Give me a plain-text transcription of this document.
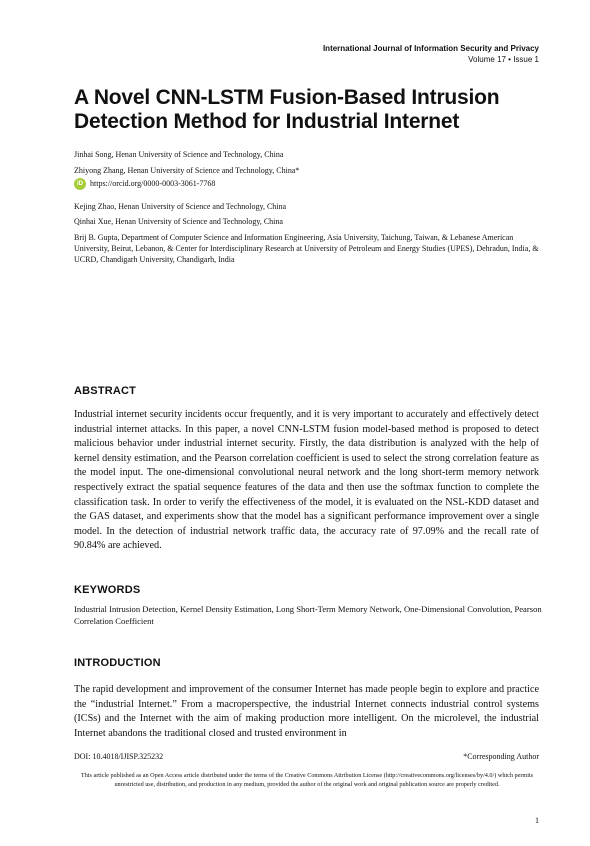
International Journal of Information Security and Privacy
Volume 17 • Issue 1
A Novel CNN-LSTM Fusion-Based Intrusion Detection Method for Industrial Internet
Jinhai Song, Henan University of Science and Technology, China
Zhiyong Zhang, Henan University of Science and Technology, China*
iD https://orcid.org/0000-0003-3061-7768
Kejing Zhao, Henan University of Science and Technology, China
Qinhai Xue, Henan University of Science and Technology, China
Brij B. Gupta, Department of Computer Science and Information Engineering, Asia University, Taichung, Taiwan, & Lebanese American University, Beirut, Lebanon, & Center for Interdisciplinary Research at University of Petroleum and Energy Studies (UPES), Dehradun, India, & UCRD, Chandigarh University, Chandigarh, India
ABSTRACT
Industrial internet security incidents occur frequently, and it is very important to accurately and effectively detect industrial internet attacks. In this paper, a novel CNN-LSTM fusion model-based method is proposed to detect malicious behavior under industrial internet security. Firstly, the data distribution is analyzed with the help of kernel density estimation, and the Pearson correlation coefficient is used to select the strong correlation feature as the model input. The one-dimensional convolutional neural network and the long short-term memory network respectively extract the spatial sequence features of the data and then use the softmax function to complete the classification task. In order to verify the effectiveness of the model, it is evaluated on the NSL-KDD dataset and the GAS dataset, and experiments show that the model has a significant performance improvement over a single model. In the detection of industrial network traffic data, the accuracy rate of 97.09% and the recall rate of 90.84% are achieved.
KEYWORDS
Industrial Intrusion Detection, Kernel Density Estimation, Long Short-Term Memory Network, One-Dimensional Convolution, Pearson Correlation Coefficient
INTRODUCTION
The rapid development and improvement of the consumer Internet has made people begin to explore and practice the “industrial Internet.” From a macroperspective, the industrial Internet connects industrial control systems (ICSs) and the Internet with the aim of making production more intelligent. On the microlevel, the industrial Internet abandons the traditional closed and trusted environment in
DOI: 10.4018/IJISP.325232	*Corresponding Author
This article published as an Open Access article distributed under the terms of the Creative Commons Attribution License (http://creativecommons.org/licenses/by/4.0/) which permits unrestricted use, distribution, and production in any medium, provided the author of the original work and original publication source are properly credited.
1
